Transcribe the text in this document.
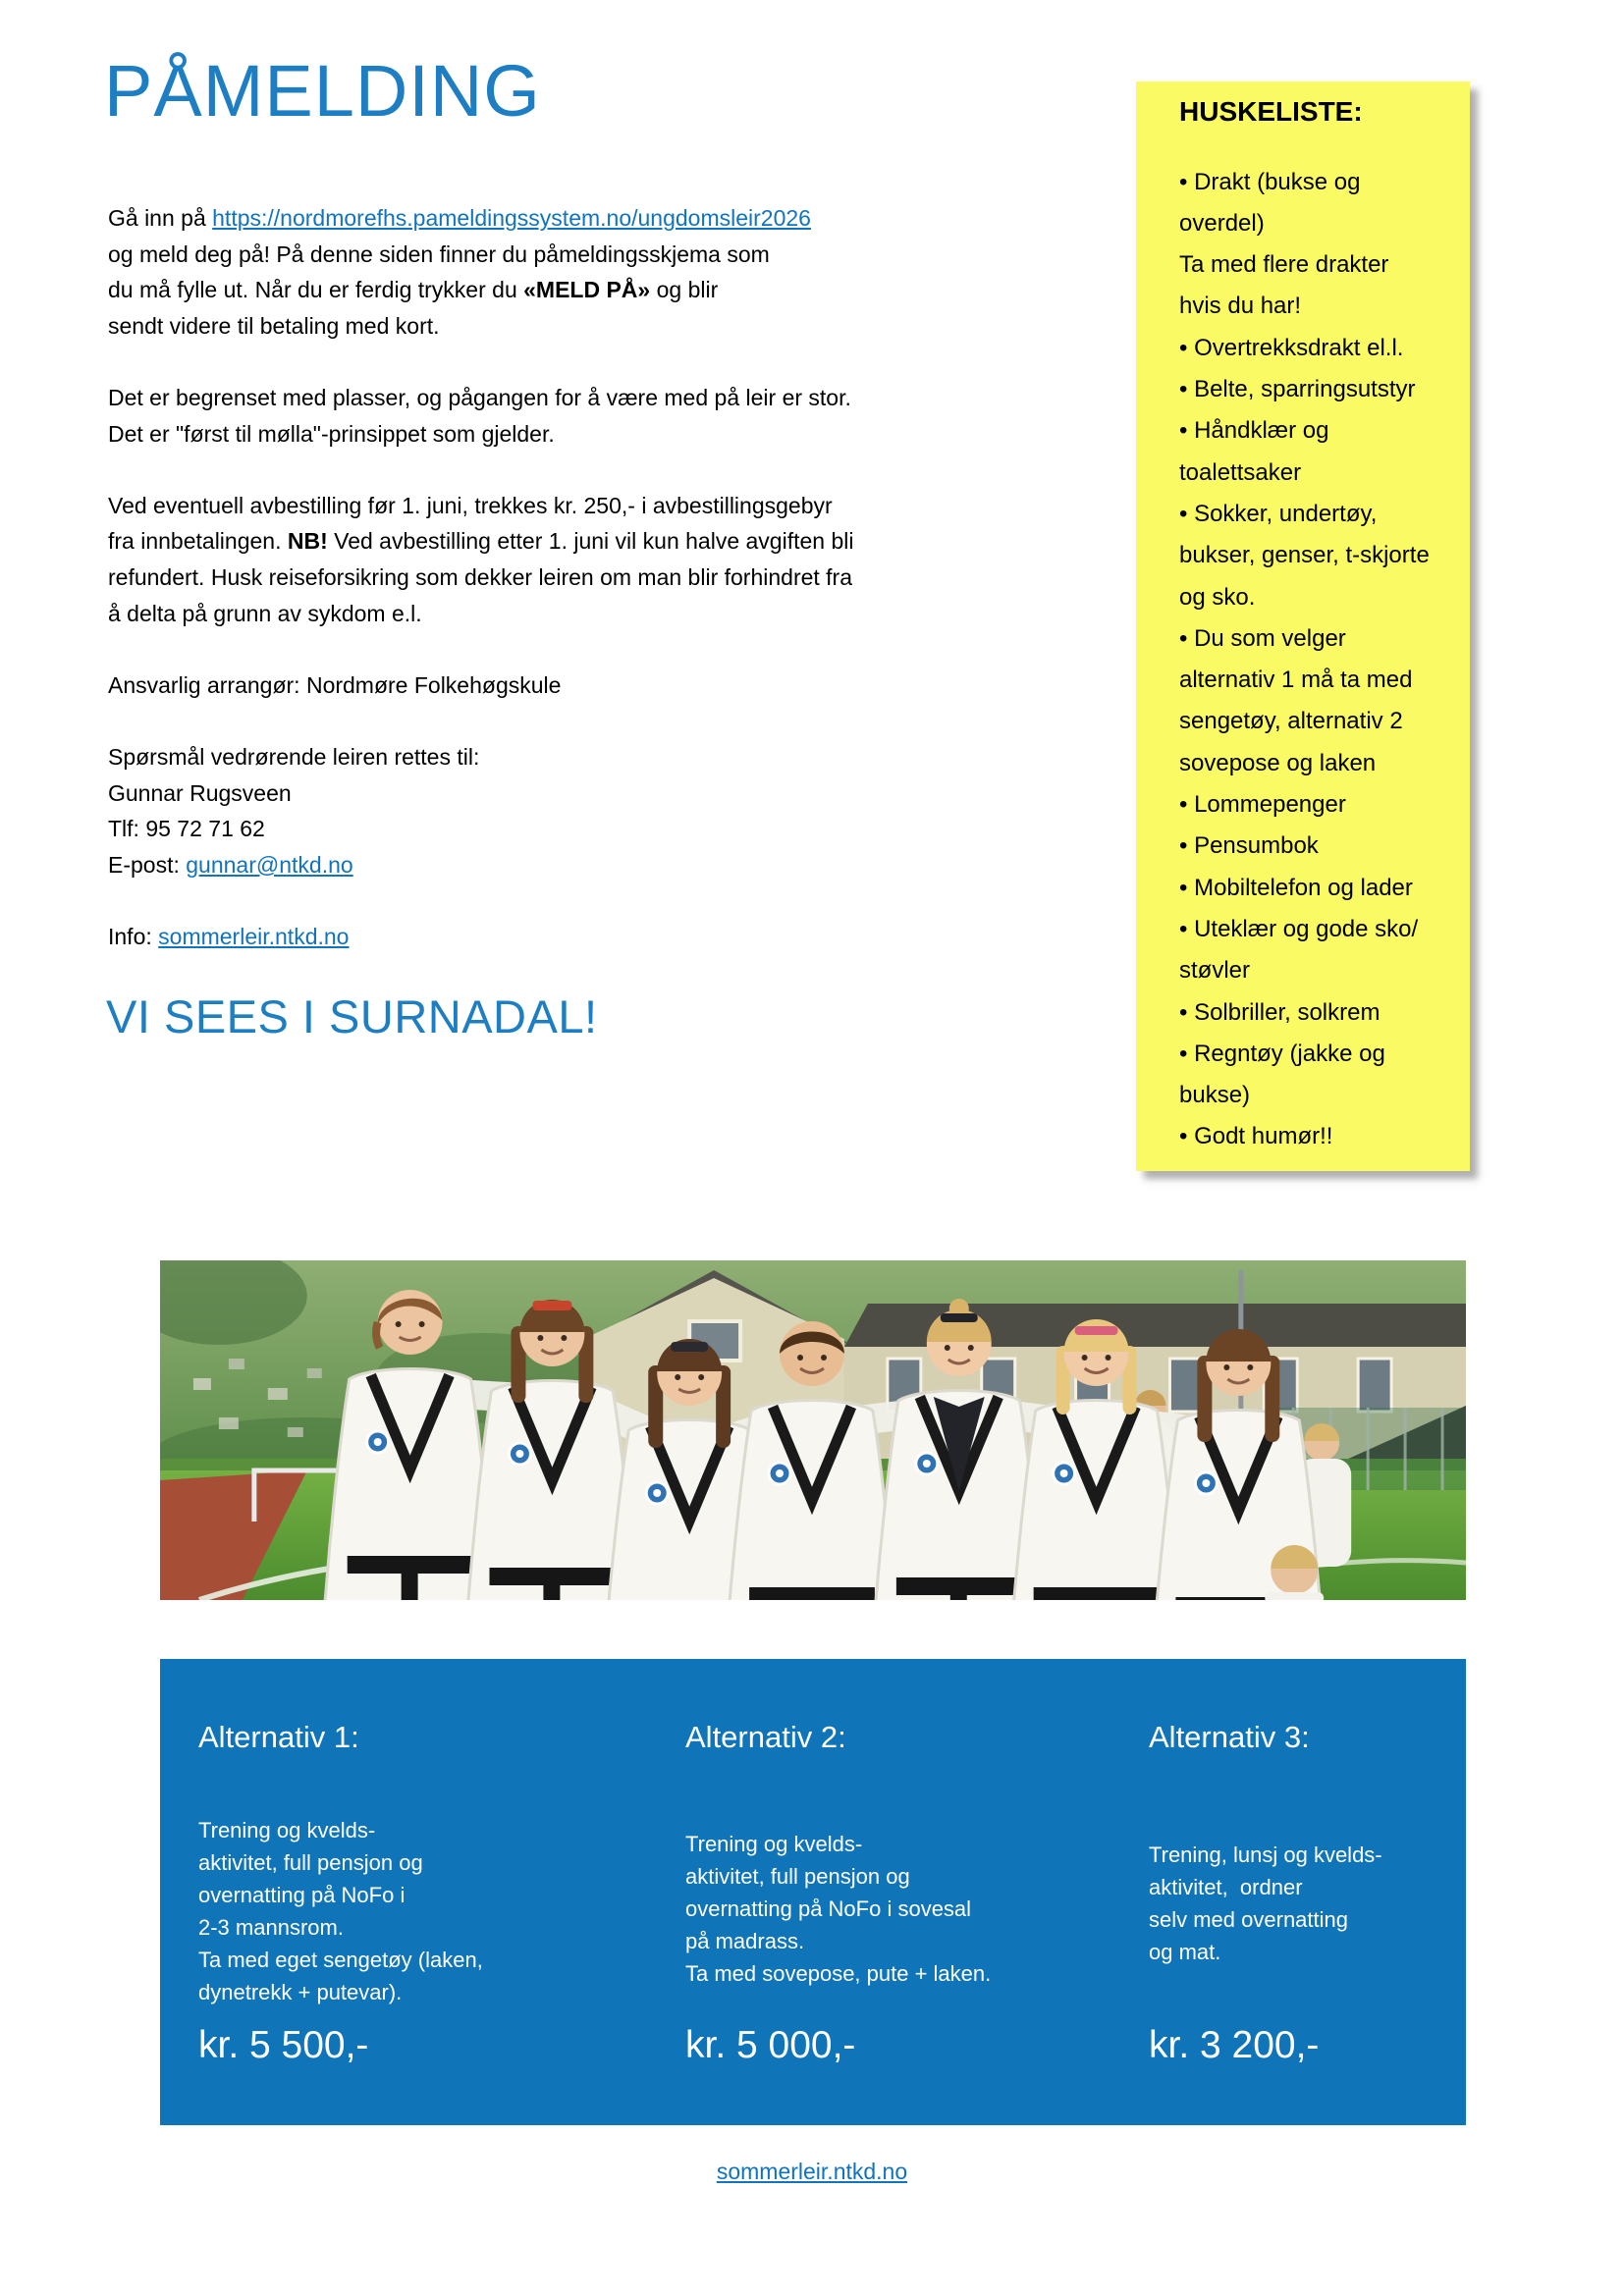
PÅMELDING
Gå inn på https://nordmorefhs.pameldingssystem.no/ungdomsleir2026
og meld deg på! På denne siden finner du påmeldingsskjema som
du må fylle ut. Når du er ferdig trykker du «MELD PÅ» og blir
sendt videre til betaling med kort.
Det er begrenset med plasser, og pågangen for å være med på leir er stor.
Det er "først til mølla"-prinsippet som gjelder.
Ved eventuell avbestilling før 1. juni, trekkes kr. 250,- i avbestillingsgebyr
fra innbetalingen. NB! Ved avbestilling etter 1. juni vil kun halve avgiften bli
refundert. Husk reiseforsikring som dekker leiren om man blir forhindret fra
å delta på grunn av sykdom e.l.
Ansvarlig arrangør: Nordmøre Folkehøgskule
Spørsmål vedrørende leiren rettes til:
Gunnar Rugsveen
Tlf: 95 72 71 62
E-post: gunnar@ntkd.no
Info: sommerleir.ntkd.no
VI SEES I SURNADAL!
HUSKELISTE:
• Drakt (bukse og
overdel)
Ta med flere drakter
hvis du har!
• Overtrekksdrakt el.l.
• Belte, sparringsutstyr
• Håndklær og
toalettsaker
• Sokker, undertøy,
bukser, genser, t-skjorte
og sko.
• Du som velger
alternativ 1 må ta med
sengetøy, alternativ 2
sovepose og laken
• Lommepenger
• Pensumbok
• Mobiltelefon og lader
• Uteklær og gode sko/
støvler
• Solbriller, solkrem
• Regntøy (jakke og
bukse)
• Godt humør!!
Alternativ 1:
Trening og kvelds-
aktivitet, full pensjon og
overnatting på NoFo i
2-3 mannsrom.
Ta med eget sengetøy (laken,
dynetrekk + putevar).
kr. 5 500,-
Alternativ 2:
Trening og kvelds-
aktivitet, full pensjon og
overnatting på NoFo i sovesal
på madrass.
Ta med sovepose, pute + laken.
kr. 5 000,-
Alternativ 3:
Trening, lunsj og kvelds-
aktivitet,  ordner
selv med overnatting
og mat.
kr. 3 200,-
sommerleir.ntkd.no
